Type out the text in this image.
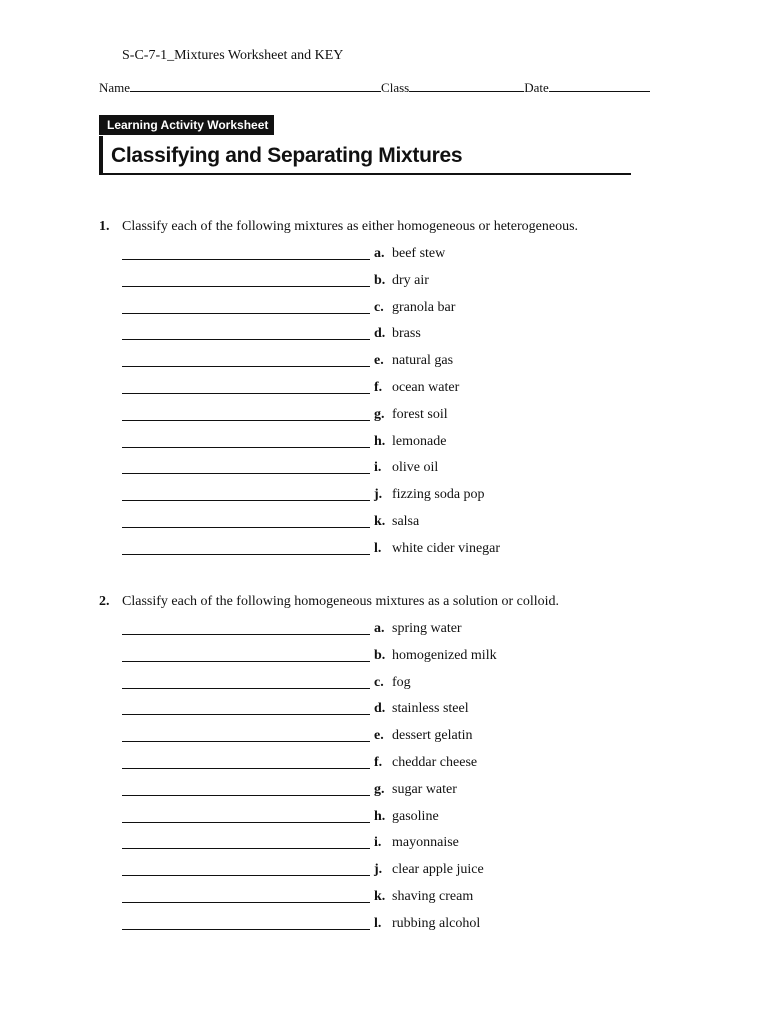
S-C-7-1_Mixtures Worksheet and KEY
Name	Class	Date
Learning Activity Worksheet
Classifying and Separating Mixtures
1. Classify each of the following mixtures as either homogeneous or heterogeneous.
2. Classify each of the following homogeneous mixtures as a solution or colloid.
a. beef stew
b. dry air
c. granola bar
d. brass
e. natural gas
f. ocean water
g. forest soil
h. lemonade
i. olive oil
j. fizzing soda pop
k. salsa
l. white cider vinegar
a. spring water
b. homogenized milk
c. fog
d. stainless steel
e. dessert gelatin
f. cheddar cheese
g. sugar water
h. gasoline
i. mayonnaise
j. clear apple juice
k. shaving cream
l. rubbing alcohol
